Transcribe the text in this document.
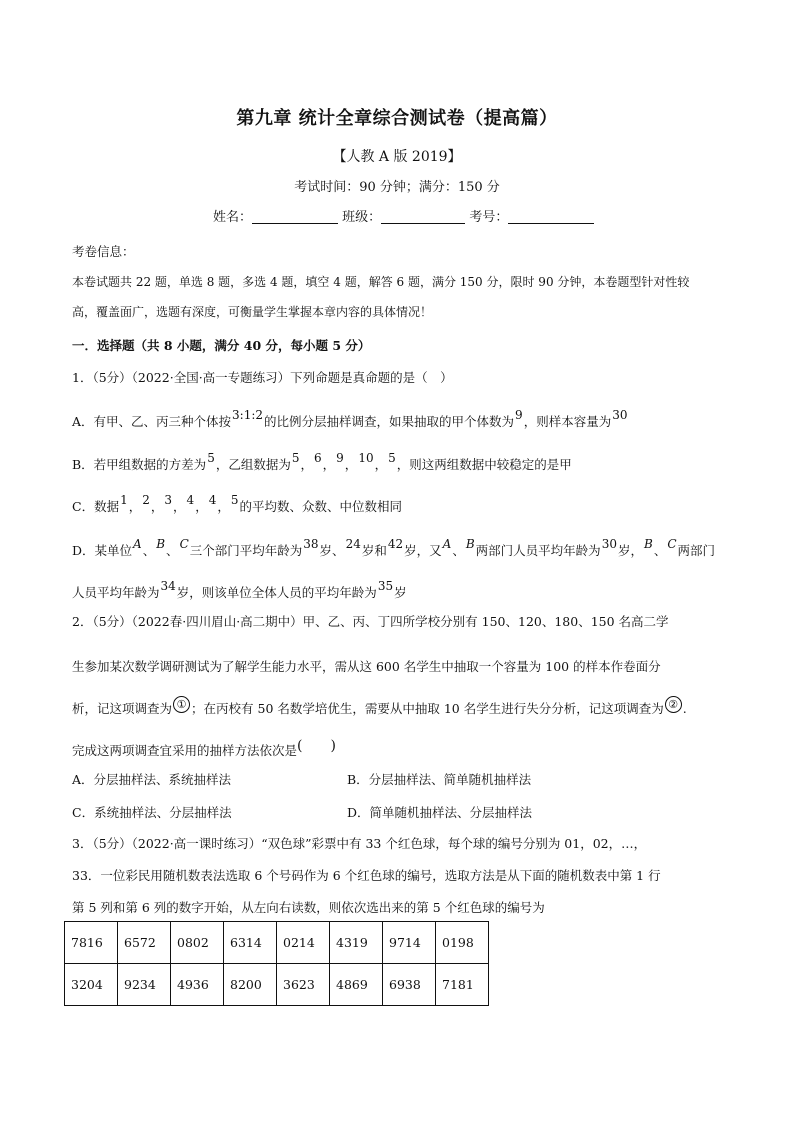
第九章 统计全章综合测试卷（提高篇）
【人教 A 版 2019】
考试时间：90 分钟；满分：150 分
姓名：	班级：	考号：
考卷信息：
本卷试题共 22 题，单选 8 题，多选 4 题，填空 4 题，解答 6 题，满分 150 分，限时 90 分钟，本卷题型针对性较
高，覆盖面广，选题有深度，可衡量学生掌握本章内容的具体情况！
一．选择题（共 8 小题，满分 40 分，每小题 5 分）
1．（5分）（2022·全国·高一专题练习）下列命题是真命题的是（　）
A．有甲、乙、丙三种个体按3:1:2的比例分层抽样调查，如果抽取的甲个体数为9，则样本容量为30
B．若甲组数据的方差为5，乙组数据为5，6，9，10，5，则这两组数据中较稳定的是甲
C．数据1，2，3，4，4，5的平均数、众数、中位数相同
D．某单位A、B、C三个部门平均年龄为38岁、24岁和42岁，又A、B两部门人员平均年龄为30岁，B、C两部门
人员平均年龄为34岁，则该单位全体人员的平均年龄为35岁
2．（5分）（2022春·四川眉山·高二期中）甲、乙、丙、丁四所学校分别有 150、120、180、150 名高二学
生参加某次数学调研测试为了解学生能力水平，需从这 600 名学生中抽取一个容量为 100 的样本作卷面分
析，记这项调查为 ① ；在丙校有 50 名数学培优生，需要从中抽取 10 名学生进行失分分析，记这项调查为 ② .
完成这两项调查宜采用的抽样方法依次是(　　)
A．分层抽样法、系统抽样法	B．分层抽样法、简单随机抽样法
C．系统抽样法、分层抽样法	D．简单随机抽样法、分层抽样法
3．（5分）（2022·高一课时练习）“双色球”彩票中有 33 个红色球，每个球的编号分别为 01，02，…，
33．一位彩民用随机数表法选取 6 个号码作为 6 个红色球的编号，选取方法是从下面的随机数表中第 1 行
第 5 列和第 6 列的数字开始，从左向右读数，则依次选出来的第 5 个红色球的编号为
7816	6572	0802	6314	0214	4319	9714	0198
3204	9234	4936	8200	3623	4869	6938	7181
